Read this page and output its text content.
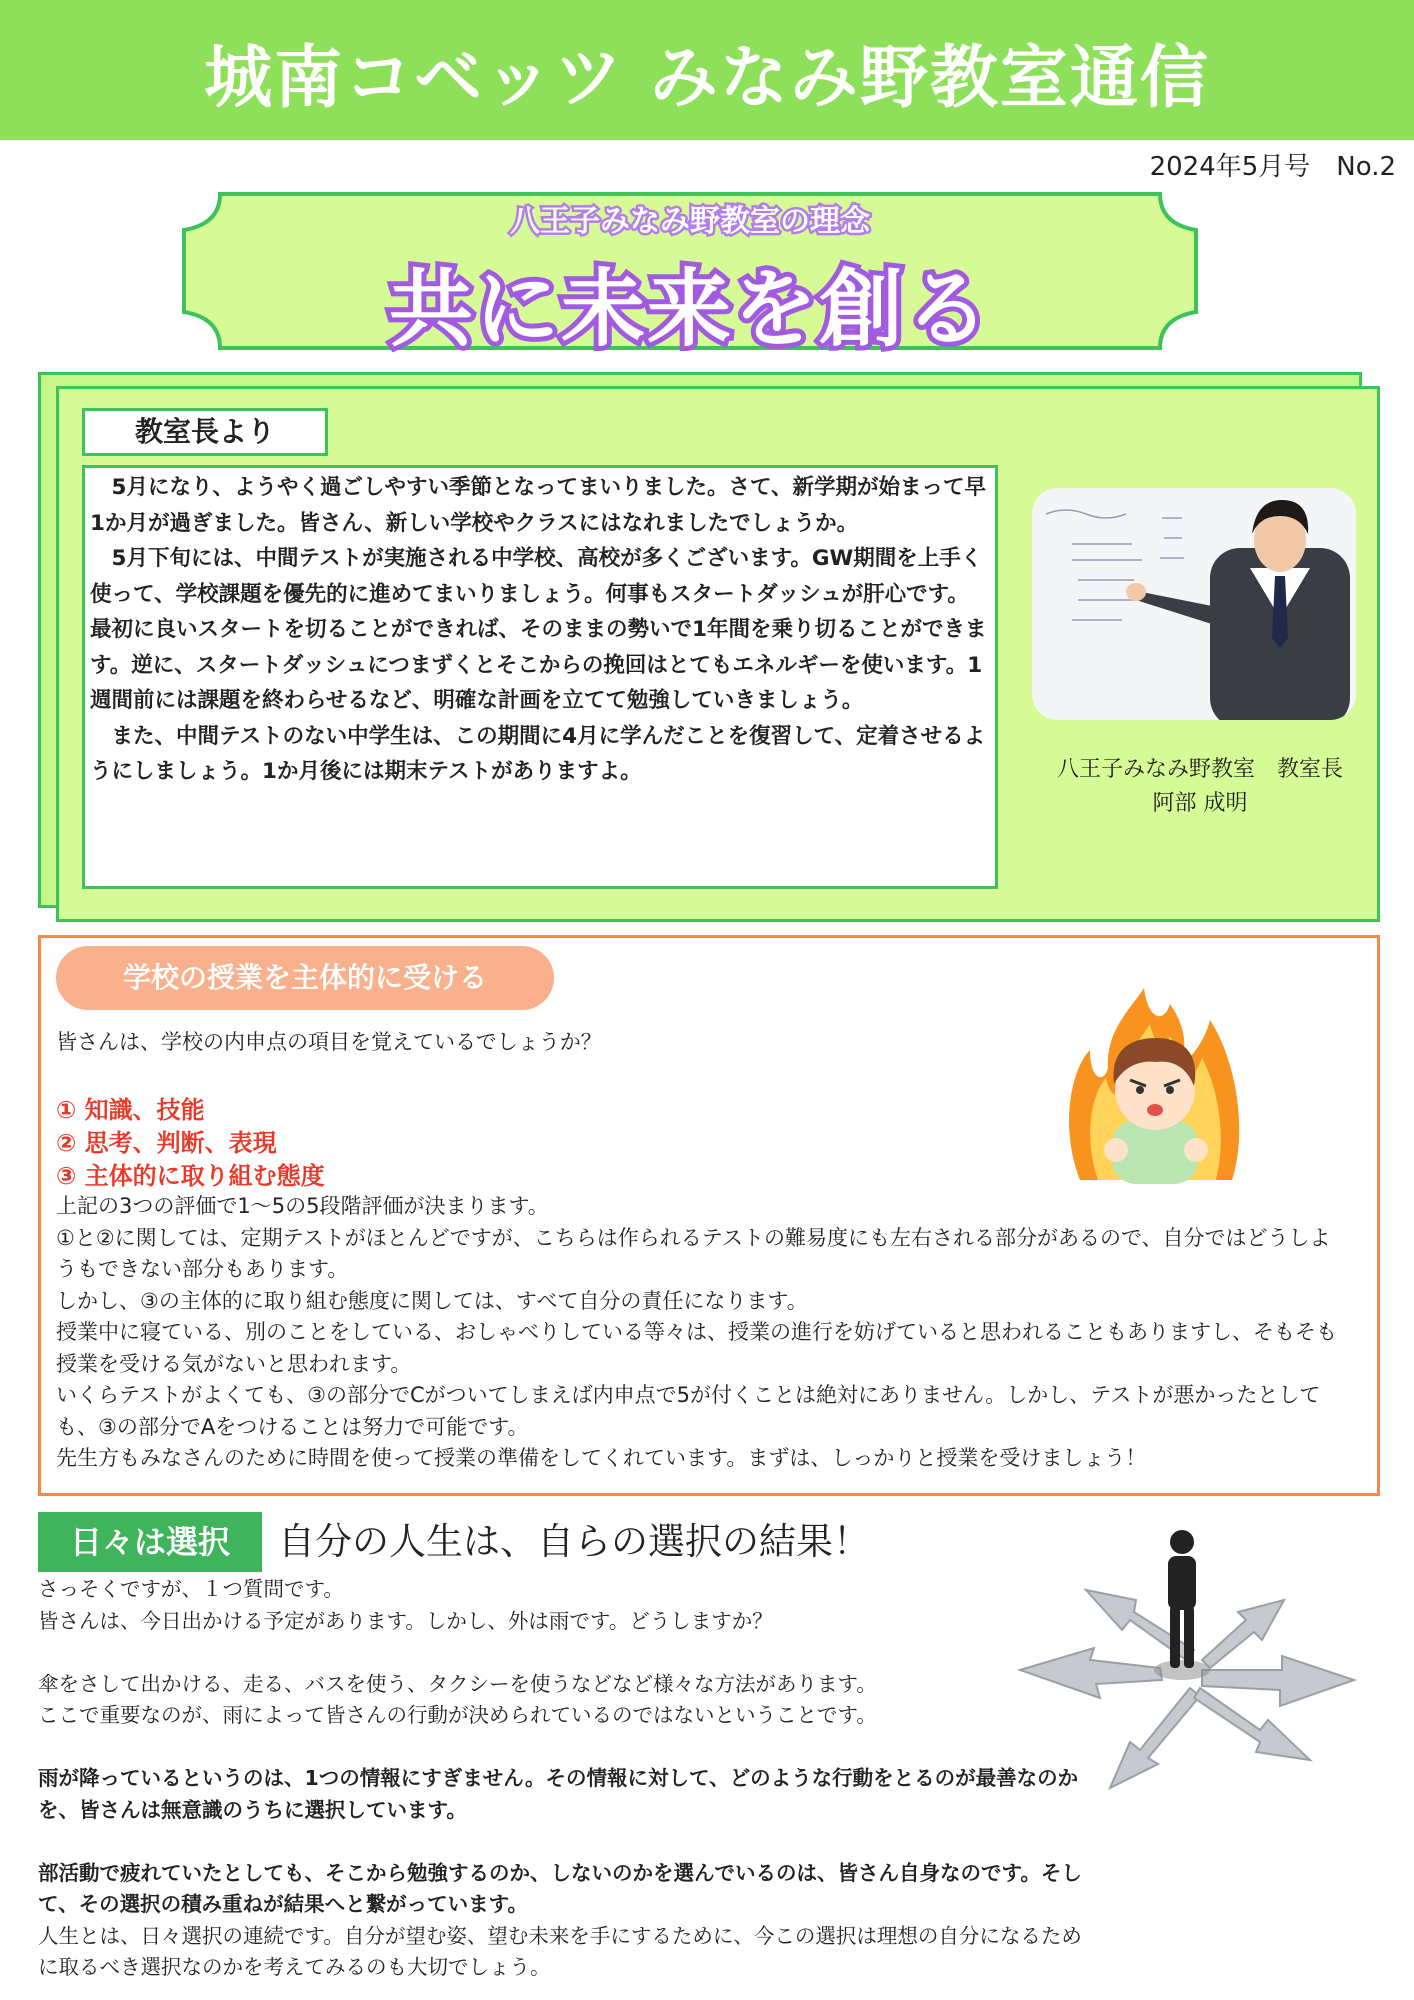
城南コベッツ みなみ野教室通信
2024年5月号　No.2
八王子みなみ野教室の理念
共に未来を創る
教室長より

　5月になり、ようやく過ごしやすい季節となってまいりました。さて、新学期が始まって早1か月が過ぎました。皆さん、新しい学校やクラスにはなれましたでしょうか。

　5月下旬には、中間テストが実施される中学校、高校が多くございます。GW期間を上手く使って、学校課題を優先的に進めてまいりましょう。何事もスタートダッシュが肝心です。最初に良いスタートを切ることができれば、そのままの勢いで1年間を乗り切ることができます。逆に、スタートダッシュにつまずくとそこからの挽回はとてもエネルギーを使います。1週間前には課題を終わらせるなど、明確な計画を立てて勉強していきましょう。

　また、中間テストのない中学生は、この期間に4月に学んだことを復習して、定着させるようにしましょう。1か月後には期末テストがありますよ。	八王子みなみ野教室　教室長
阿部 成明
学校の授業を主体的に受ける
皆さんは、学校の内申点の項目を覚えているでしょうか？
① 知識、技能
② 思考、判断、表現
③ 主体的に取り組む態度

上記の3つの評価で1～5の5段階評価が決まります。

①と②に関しては、定期テストがほとんどですが、こちらは作られるテストの難易度にも左右される部分があるので、自分ではどうしようもできない部分もあります。

しかし、③の主体的に取り組む態度に関しては、すべて自分の責任になります。

授業中に寝ている、別のことをしている、おしゃべりしている等々は、授業の進行を妨げていると思われることもありますし、そもそも授業を受ける気がないと思われます。

いくらテストがよくても、③の部分でCがついてしまえば内申点で5が付くことは絶対にありません。しかし、テストが悪かったとしても、③の部分でAをつけることは努力で可能です。

先生方もみなさんのために時間を使って授業の準備をしてくれています。まずは、しっかりと授業を受けましょう！

日々は選択	自分の人生は、自らの選択の結果！

さっそくですが、１つ質問です。

皆さんは、今日出かける予定があります。しかし、外は雨です。どうしますか？

傘をさして出かける、走る、バスを使う、タクシーを使うなどなど様々な方法があります。

ここで重要なのが、雨によって皆さんの行動が決められているのではないということです。

雨が降っているというのは、1つの情報にすぎません。その情報に対して、どのような行動をとるのが最善なのかを、皆さんは無意識のうちに選択しています。

部活動で疲れていたとしても、そこから勉強するのか、しないのかを選んでいるのは、皆さん自身なのです。そして、その選択の積み重ねが結果へと繋がっています。

人生とは、日々選択の連続です。自分が望む姿、望む未来を手にするために、今この選択は理想の自分になるために取るべき選択なのかを考えてみるのも大切でしょう。
